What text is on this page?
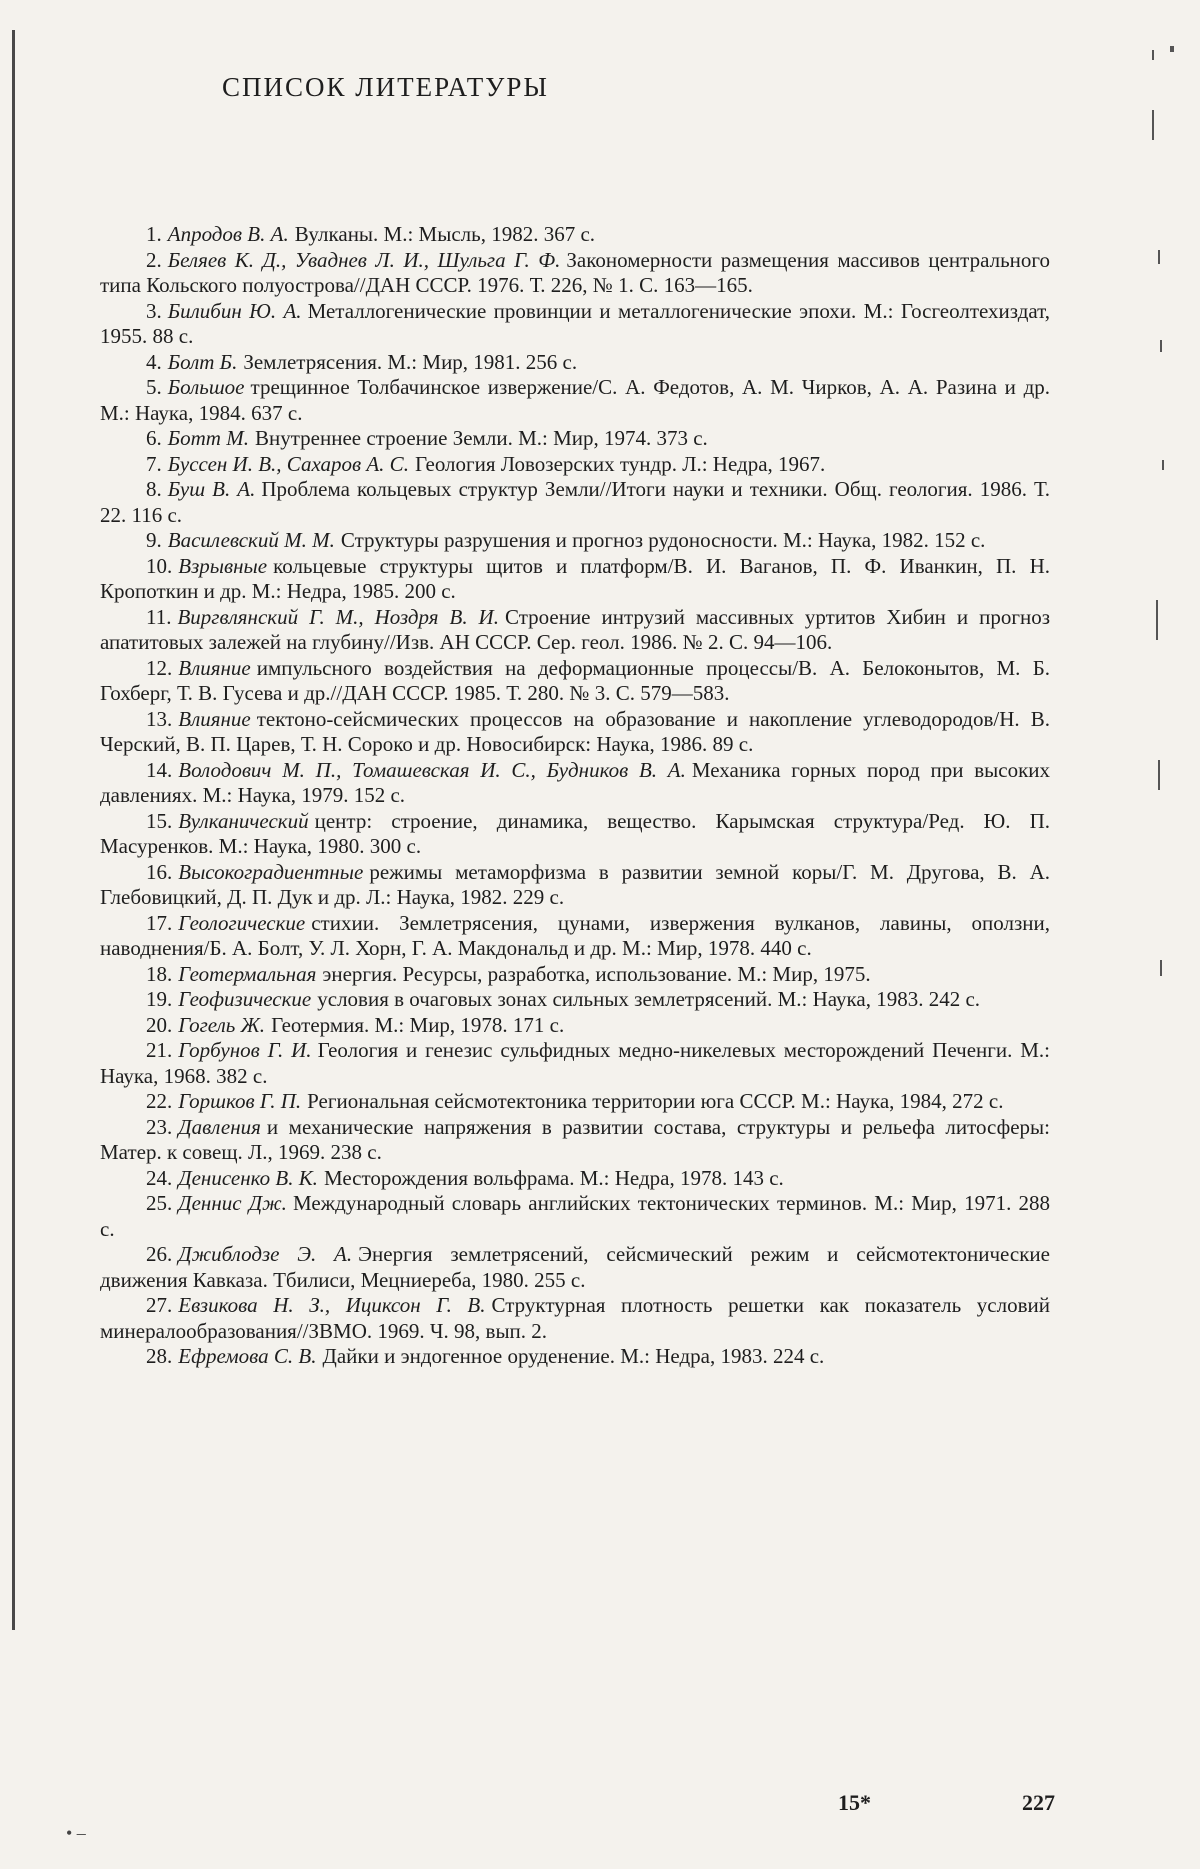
СПИСОК ЛИТЕРАТУРЫ
1. Апродов В. А. Вулканы. М.: Мысль, 1982. 367 с.
2. Беляев К. Д., Уваднев Л. И., Шульга Г. Ф. Закономерности размещения массивов центрального типа Кольского полуострова//ДАН СССР. 1976. Т. 226, № 1. С. 163—165.
3. Билибин Ю. А. Металлогенические провинции и металлогенические эпохи. М.: Госгеолтехиздат, 1955. 88 с.
4. Болт Б. Землетрясения. М.: Мир, 1981. 256 с.
5. Большое трещинное Толбачинское извержение/С. А. Федотов, А. М. Чирков, А. А. Разина и др. М.: Наука, 1984. 637 с.
6. Ботт М. Внутреннее строение Земли. М.: Мир, 1974. 373 с.
7. Буссен И. В., Сахаров А. С. Геология Ловозерских тундр. Л.: Недра, 1967.
8. Буш В. А. Проблема кольцевых структур Земли//Итоги науки и техники. Общ. геология. 1986. Т. 22. 116 с.
9. Василевский М. М. Структуры разрушения и прогноз рудоносности. М.: Наука, 1982. 152 с.
10. Взрывные кольцевые структуры щитов и платформ/В. И. Ваганов, П. Ф. Иванкин, П. Н. Кропоткин и др. М.: Недра, 1985. 200 с.
11. Виргвлянский Г. М., Ноздря В. И. Строение интрузий массивных уртитов Хибин и прогноз апатитовых залежей на глубину//Изв. АН СССР. Сер. геол. 1986. № 2. С. 94—106.
12. Влияние импульсного воздействия на деформационные процессы/В. А. Белоконытов, М. Б. Гохберг, Т. В. Гусева и др.//ДАН СССР. 1985. Т. 280. № 3. С. 579—583.
13. Влияние тектоно-сейсмических процессов на образование и накопление углеводородов/Н. В. Черский, В. П. Царев, Т. Н. Сороко и др. Новосибирск: Наука, 1986. 89 с.
14. Володович М. П., Томашевская И. С., Будников В. А. Механика горных пород при высоких давлениях. М.: Наука, 1979. 152 с.
15. Вулканический центр: строение, динамика, вещество. Карымская структура/Ред. Ю. П. Масуренков. М.: Наука, 1980. 300 с.
16. Высокоградиентные режимы метаморфизма в развитии земной коры/Г. М. Другова, В. А. Глебовицкий, Д. П. Дук и др. Л.: Наука, 1982. 229 с.
17. Геологические стихии. Землетрясения, цунами, извержения вулканов, лавины, оползни, наводнения/Б. А. Болт, У. Л. Хорн, Г. А. Макдональд и др. М.: Мир, 1978. 440 с.
18. Геотермальная энергия. Ресурсы, разработка, использование. М.: Мир, 1975.
19. Геофизические условия в очаговых зонах сильных землетрясений. М.: Наука, 1983. 242 с.
20. Гогель Ж. Геотермия. М.: Мир, 1978. 171 с.
21. Горбунов Г. И. Геология и генезис сульфидных медно-никелевых месторождений Печенги. М.: Наука, 1968. 382 с.
22. Горшков Г. П. Региональная сейсмотектоника территории юга СССР. М.: Наука, 1984, 272 с.
23. Давления и механические напряжения в развитии состава, структуры и рельефа литосферы: Матер. к совещ. Л., 1969. 238 с.
24. Денисенко В. К. Месторождения вольфрама. М.: Недра, 1978. 143 с.
25. Деннис Дж. Международный словарь английских тектонических терминов. М.: Мир, 1971. 288 с.
26. Джиблодзе Э. А. Энергия землетрясений, сейсмический режим и сейсмотектонические движения Кавказа. Тбилиси, Мецниереба, 1980. 255 с.
27. Евзикова Н. З., Ициксон Г. В. Структурная плотность решетки как показатель условий минералообразования//ЗВМО. 1969. Ч. 98, вып. 2.
28. Ефремова С. В. Дайки и эндогенное оруденение. М.: Недра, 1983. 224 с.
15*	227
• –
